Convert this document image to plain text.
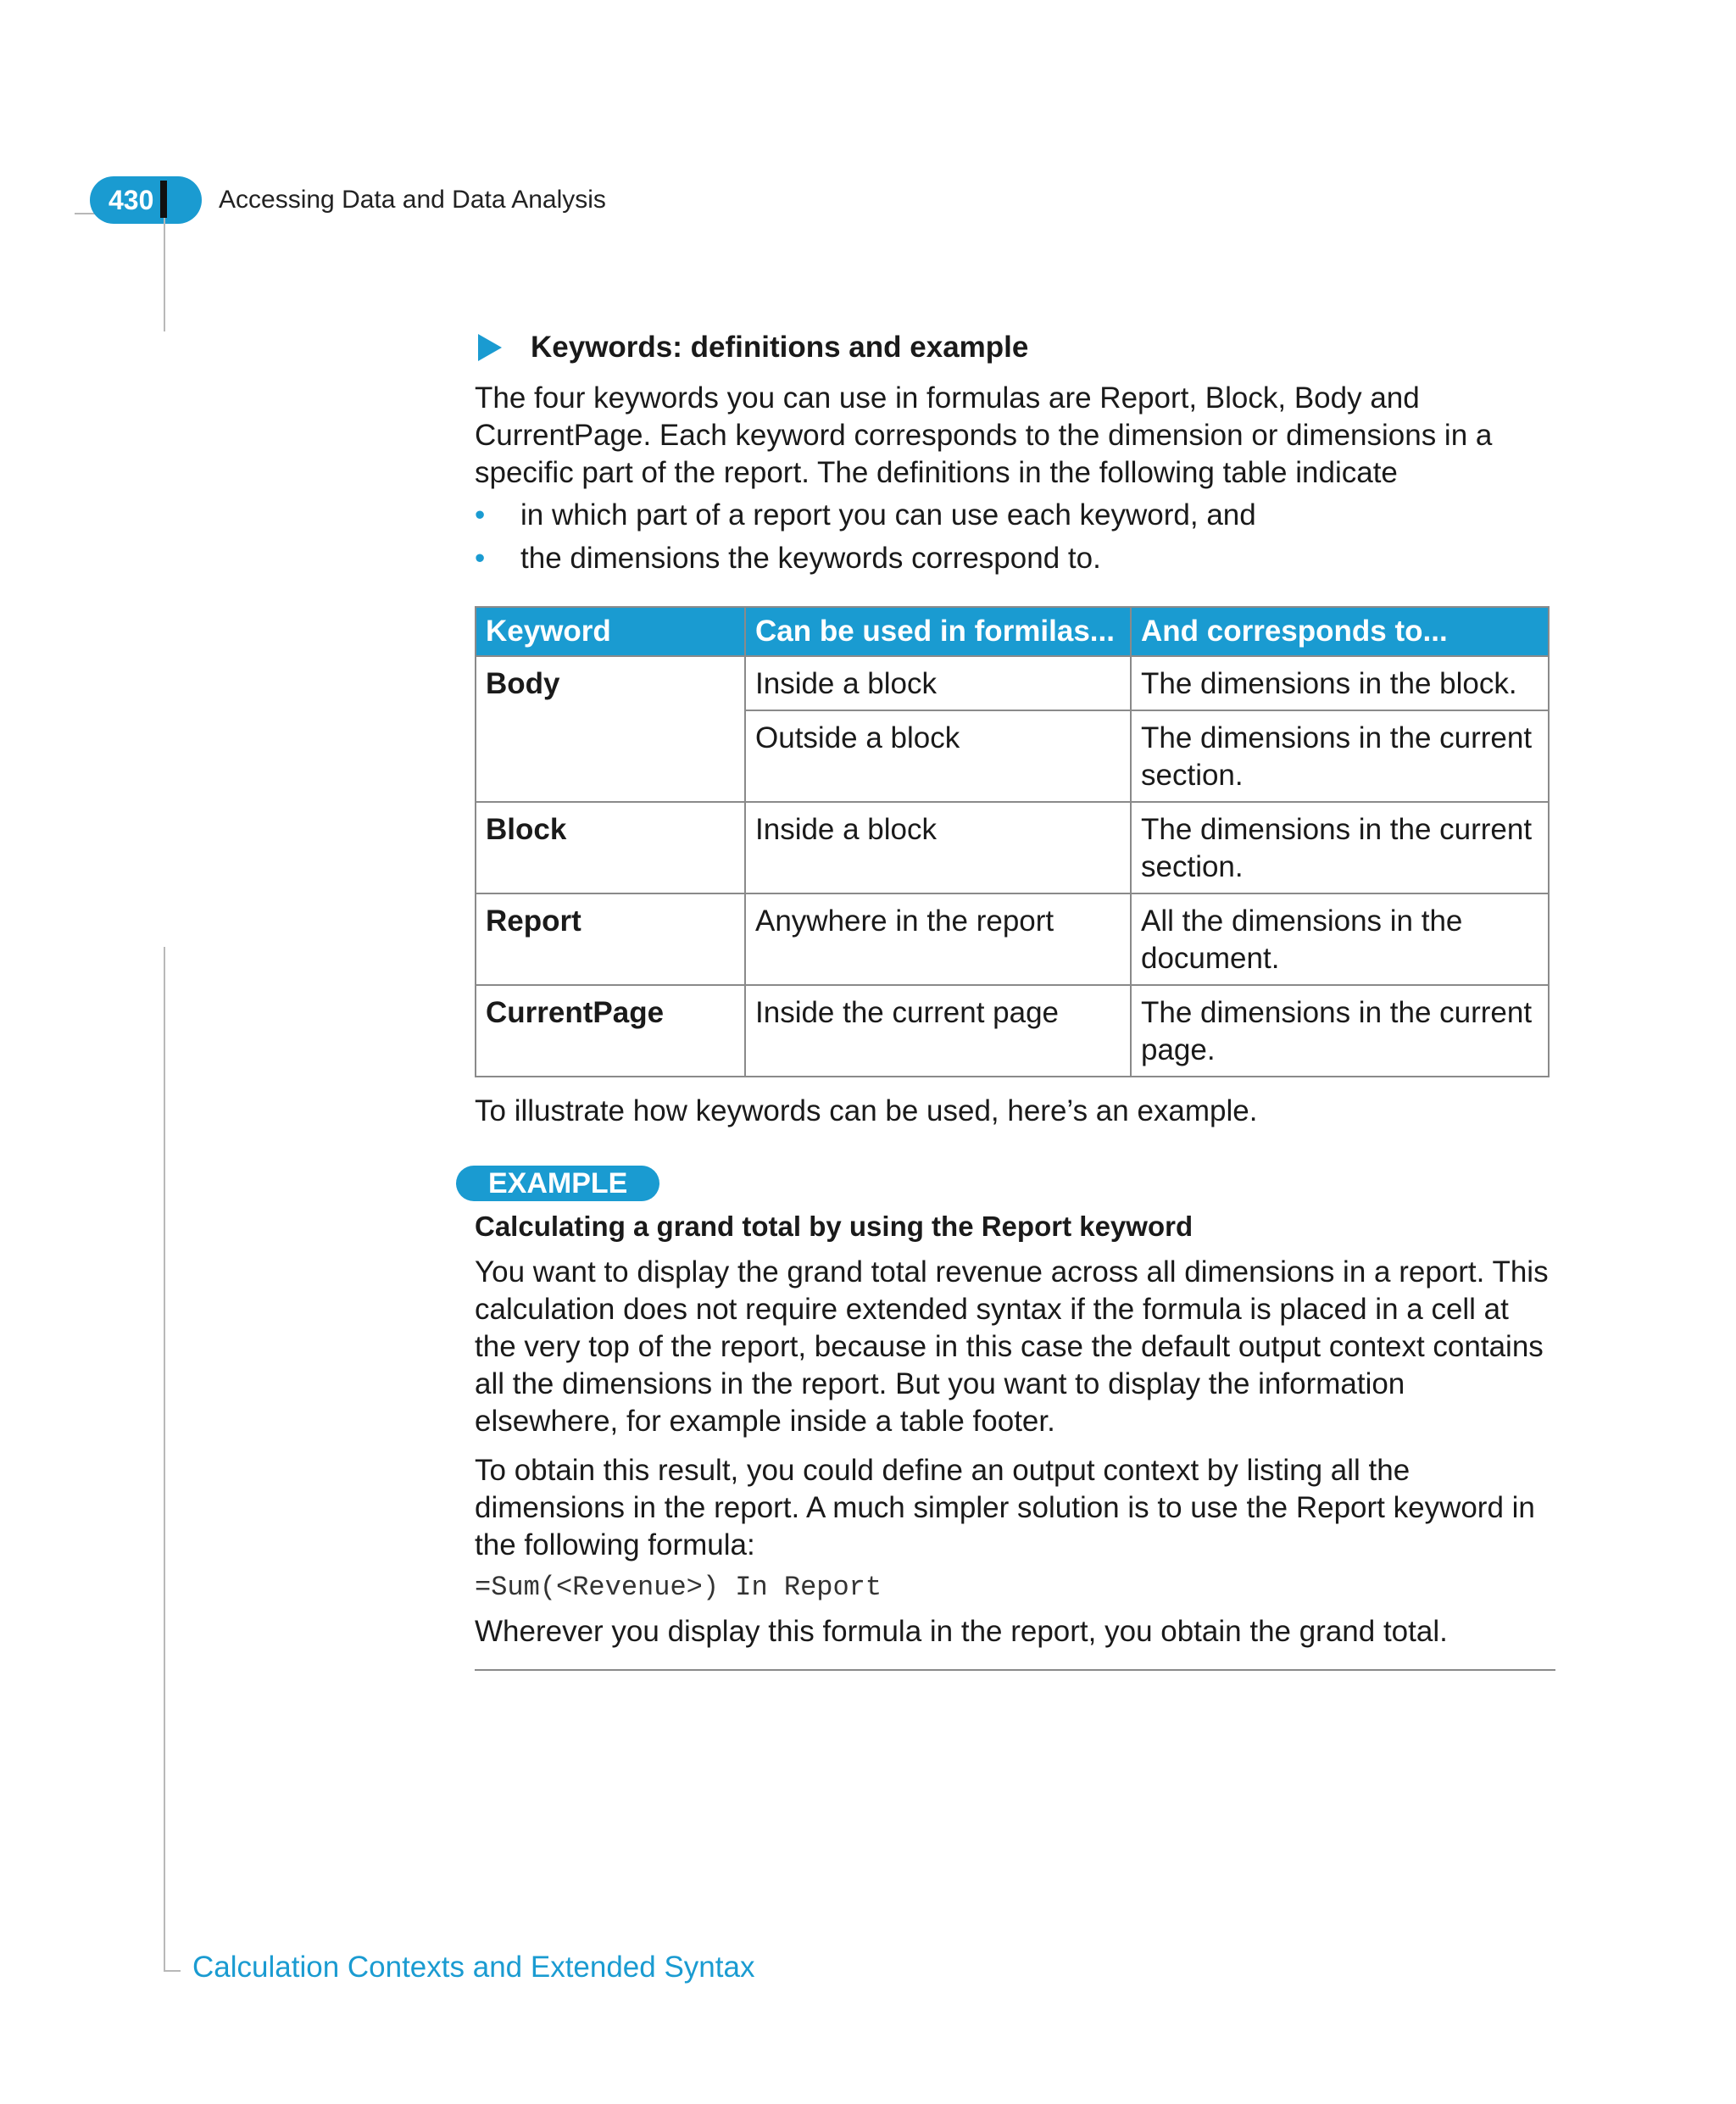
430	Accessing Data and Data Analysis
Keywords: definitions and example

The four keywords you can use in formulas are Report, Block, Body and CurrentPage. Each keyword corresponds to the dimension or dimensions in a specific part of the report. The definitions in the following table indicate

• in which part of a report you can use each keyword, and
• the dimensions the keywords correspond to.
Keyword	Can be used in formilas...	And corresponds to...
Body	Inside a block	The dimensions in the block.
	Outside a block	The dimensions in the current section.
Block	Inside a block	The dimensions in the current section.
Report	Anywhere in the report	All the dimensions in the document.
CurrentPage	Inside the current page	The dimensions in the current page.

To illustrate how keywords can be used, here’s an example.

EXAMPLE
Calculating a grand total by using the Report keyword

You want to display the grand total revenue across all dimensions in a report. This calculation does not require extended syntax if the formula is placed in a cell at the very top of the report, because in this case the default output context contains all the dimensions in the report. But you want to display the information elsewhere, for example inside a table footer.

To obtain this result, you could define an output context by listing all the dimensions in the report. A much simpler solution is to use the Report keyword in the following formula:

=Sum(<Revenue>) In Report

Wherever you display this formula in the report, you obtain the grand total.

Calculation Contexts and Extended Syntax
